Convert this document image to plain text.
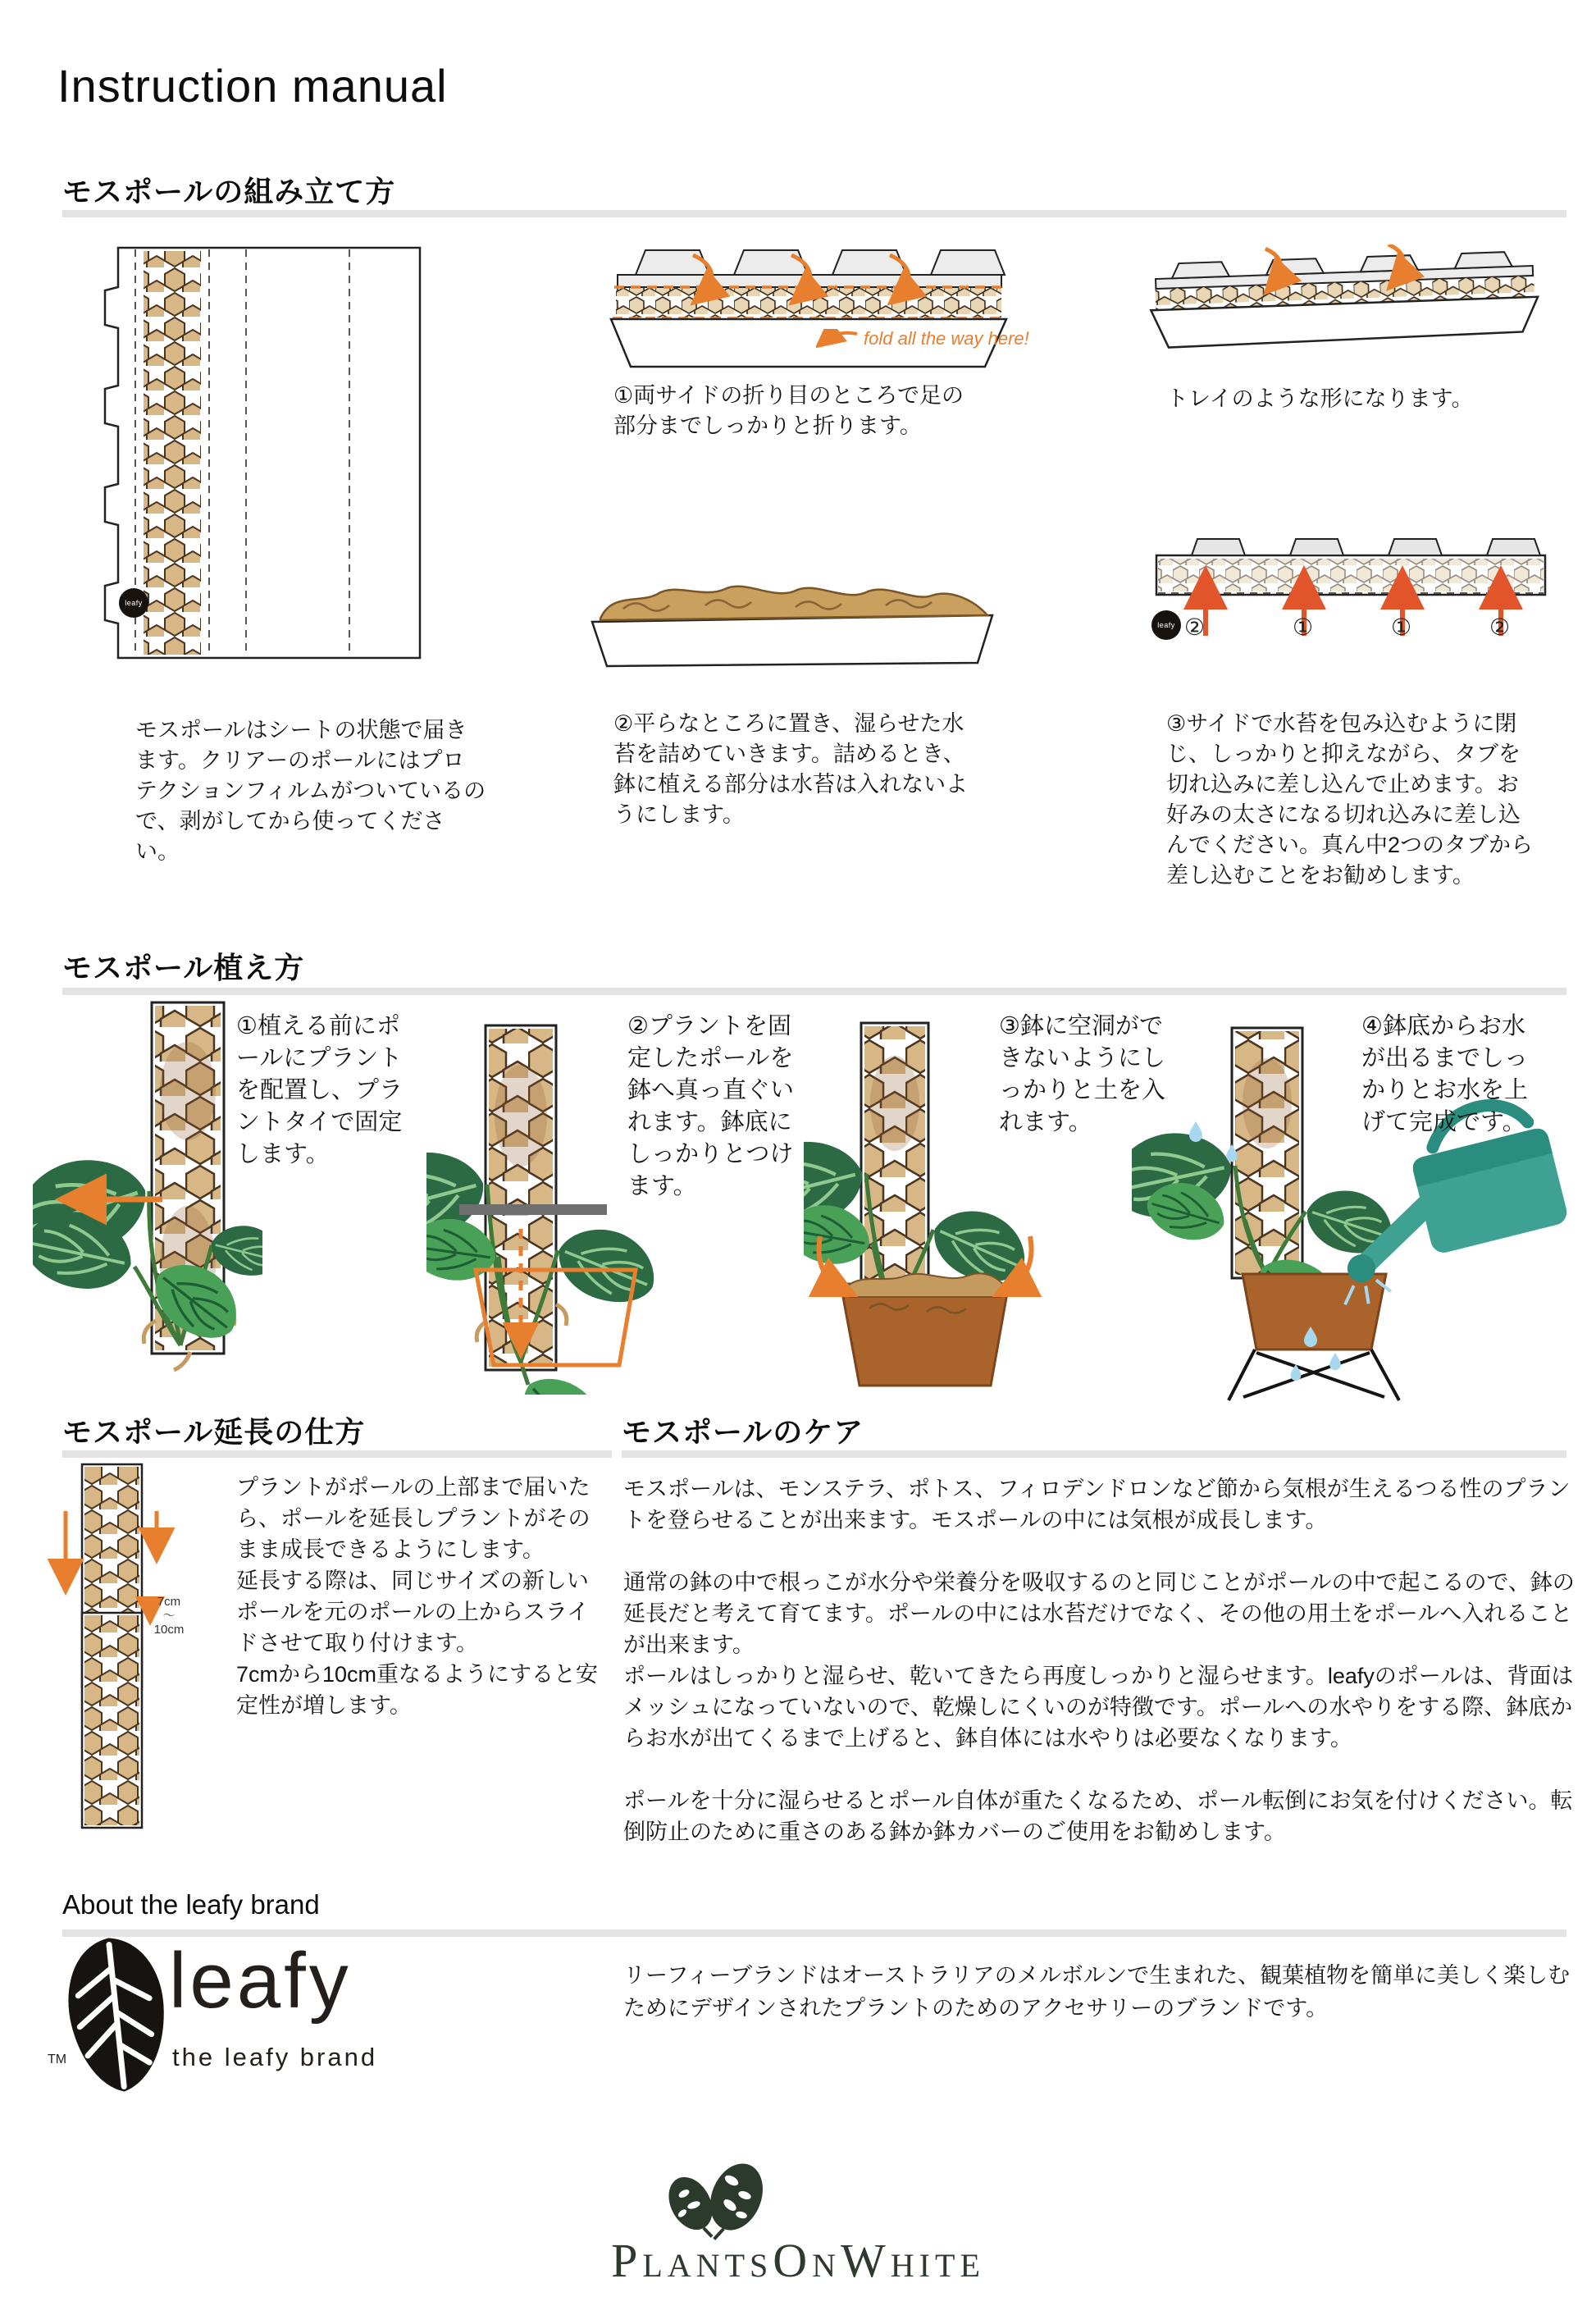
Instruction manual
モスポールの組み立て方
leafy
モスポールはシートの状態で届きます。クリアーのポールにはプロテクションフィルムがついているので、剥がしてから使ってください。
fold all the way here!
①両サイドの折り目のところで足の部分までしっかりと折ります。
トレイのような形になります。
②平らなところに置き、湿らせた水苔を詰めていきます。詰めるとき、鉢に植える部分は水苔は入れないようにします。
leafy ②	①	①	②
③サイドで水苔を包み込むように閉じ、しっかりと抑えながら、タブを切れ込みに差し込んで止めます。お好みの太さになる切れ込みに差し込んでください。真ん中2つのタブから差し込むことをお勧めします。
モスポール植え方
①植える前にポールにプラントを配置し、プラントタイで固定します。
②プラントを固定したポールを鉢へ真っ直ぐいれます。鉢底にしっかりとつけます。
③鉢に空洞ができないようにしっかりと土を入れます。
④鉢底からお水が出るまでしっかりとお水を上げて完成です。
モスポール延長の仕方
7cm
〜
10cm

プラントがポールの上部まで届いたら、ポールを延長しプラントがそのまま成長できるようにします。

延長する際は、同じサイズの新しいポールを元のポールの上からスライドさせて取り付けます。

7cmから10cm重なるようにすると安定性が増します。

モスポールのケア

モスポールは、モンステラ、ポトス、フィロデンドロンなど節から気根が生えるつる性のプラントを登らせることが出来ます。モスポールの中には気根が成長します。

通常の鉢の中で根っこが水分や栄養分を吸収するのと同じことがポールの中で起こるので、鉢の延長だと考えて育てます。ポールの中には水苔だけでなく、その他の用土をポールへ入れることが出来ます。

ポールはしっかりと湿らせ、乾いてきたら再度しっかりと湿らせます。leafyのポールは、背面はメッシュになっていないので、乾燥しにくいのが特徴です。ポールへの水やりをする際、鉢底からお水が出てくるまで上げると、鉢自体には水やりは必要なくなります。

ポールを十分に湿らせるとポール自体が重たくなるため、ポール転倒にお気を付けください。転倒防止のために重さのある鉢か鉢カバーのご使用をお勧めします。

About the leafy brand
TM
leafy
the leafy brand
リーフィーブランドはオーストラリアのメルボルンで生まれた、観葉植物を簡単に美しく楽しむためにデザインされたプラントのためのアクセサリーのブランドです。
PLANTSONWHITE
